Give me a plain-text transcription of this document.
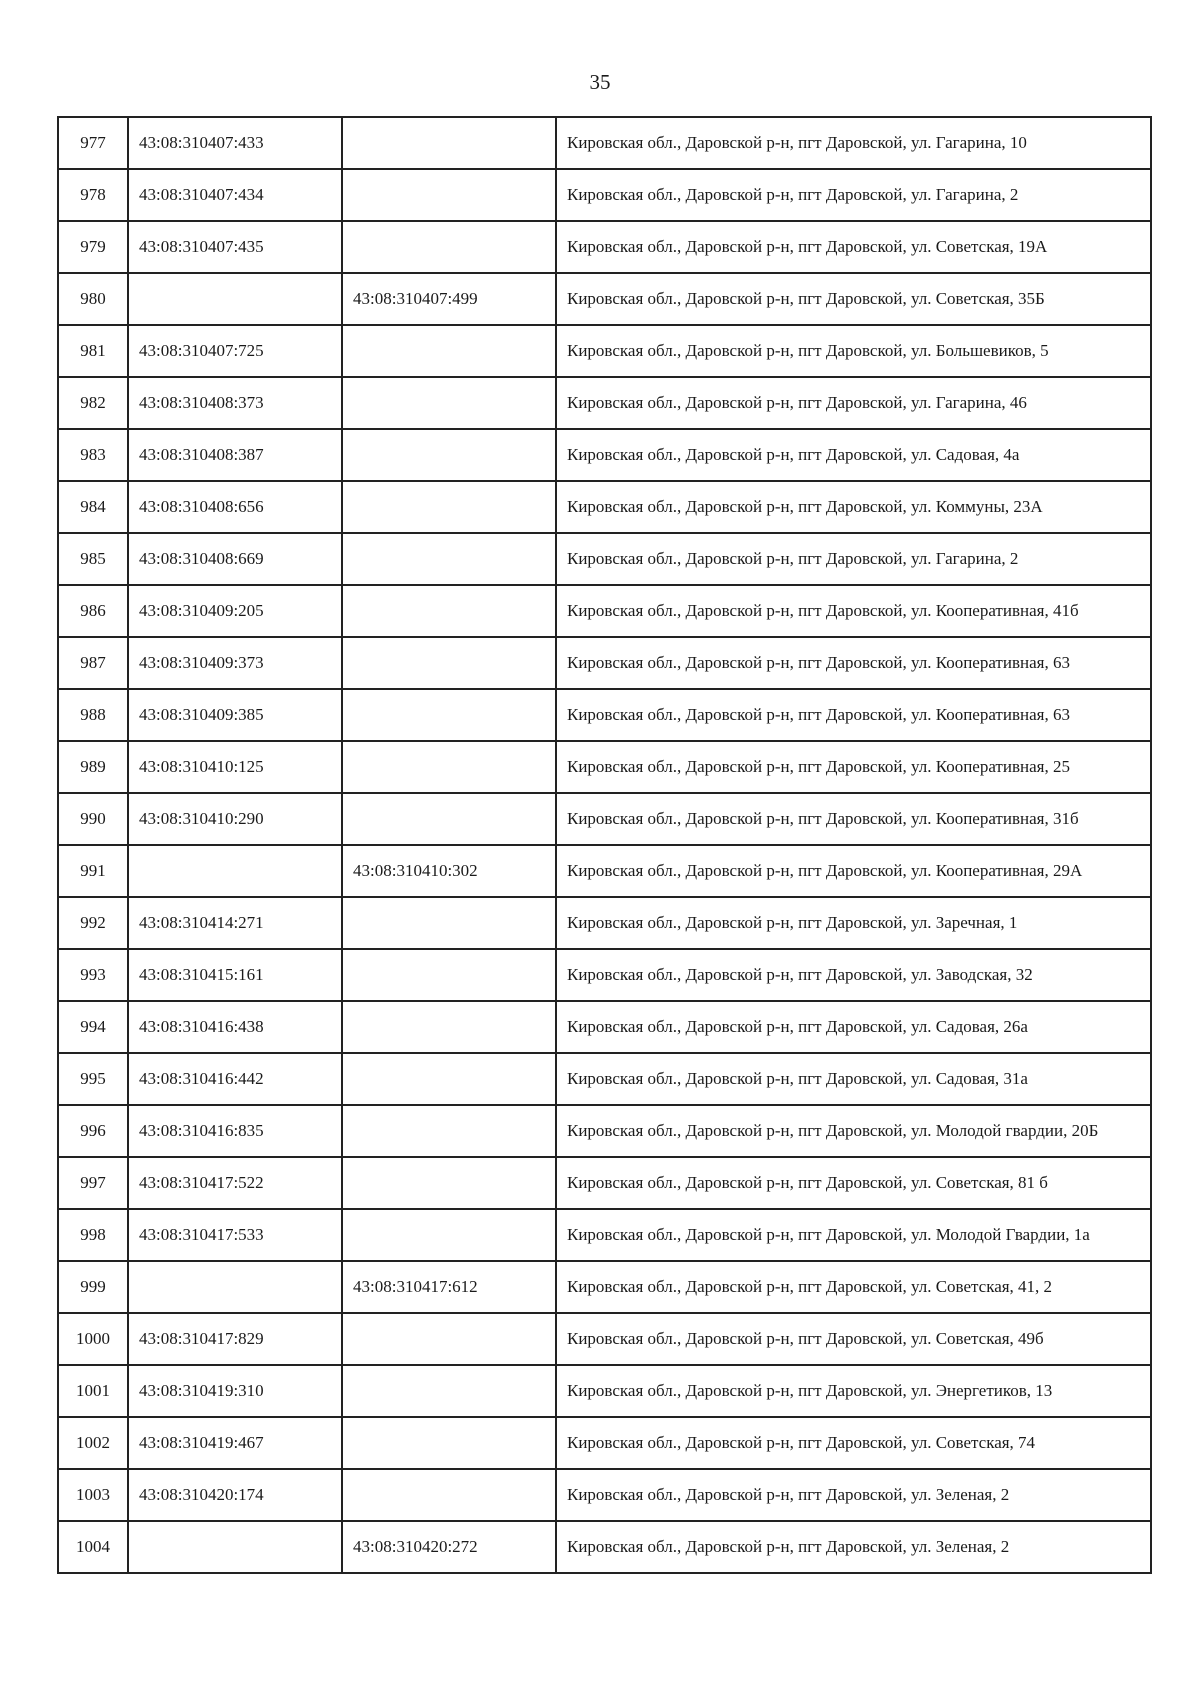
35
977	43:08:310407:433		Кировская обл., Даровской р-н, пгт Даровской, ул. Гагарина, 10
978	43:08:310407:434		Кировская обл., Даровской р-н, пгт Даровской, ул. Гагарина, 2
979	43:08:310407:435		Кировская обл., Даровской р-н, пгт Даровской, ул. Советская, 19А
980		43:08:310407:499	Кировская обл., Даровской р-н, пгт Даровской, ул. Советская, 35Б
981	43:08:310407:725		Кировская обл., Даровской р-н, пгт Даровской, ул. Большевиков, 5
982	43:08:310408:373		Кировская обл., Даровской р-н, пгт Даровской, ул. Гагарина, 46
983	43:08:310408:387		Кировская обл., Даровской р-н, пгт Даровской, ул. Садовая, 4а
984	43:08:310408:656		Кировская обл., Даровской р-н, пгт Даровской, ул. Коммуны, 23А
985	43:08:310408:669		Кировская обл., Даровской р-н, пгт Даровской, ул. Гагарина, 2
986	43:08:310409:205		Кировская обл., Даровской р-н, пгт Даровской, ул. Кооперативная, 41б
987	43:08:310409:373		Кировская обл., Даровской р-н, пгт Даровской, ул. Кооперативная, 63
988	43:08:310409:385		Кировская обл., Даровской р-н, пгт Даровской, ул. Кооперативная, 63
989	43:08:310410:125		Кировская обл., Даровской р-н, пгт Даровской, ул. Кооперативная, 25
990	43:08:310410:290		Кировская обл., Даровской р-н, пгт Даровской, ул. Кооперативная, 31б
991		43:08:310410:302	Кировская обл., Даровской р-н, пгт Даровской, ул. Кооперативная, 29А
992	43:08:310414:271		Кировская обл., Даровской р-н, пгт Даровской, ул. Заречная, 1
993	43:08:310415:161		Кировская обл., Даровской р-н, пгт Даровской, ул. Заводская, 32
994	43:08:310416:438		Кировская обл., Даровской р-н, пгт Даровской, ул. Садовая, 26а
995	43:08:310416:442		Кировская обл., Даровской р-н, пгт Даровской, ул. Садовая, 31а
996	43:08:310416:835		Кировская обл., Даровской р-н, пгт Даровской, ул. Молодой гвардии, 20Б
997	43:08:310417:522		Кировская обл., Даровской р-н, пгт Даровской, ул. Советская, 81 б
998	43:08:310417:533		Кировская обл., Даровской р-н, пгт Даровской, ул. Молодой Гвардии, 1а
999		43:08:310417:612	Кировская обл., Даровской р-н, пгт Даровской, ул. Советская, 41, 2
1000	43:08:310417:829		Кировская обл., Даровской р-н, пгт Даровской, ул. Советская, 49б
1001	43:08:310419:310		Кировская обл., Даровской р-н, пгт Даровской, ул. Энергетиков, 13
1002	43:08:310419:467		Кировская обл., Даровской р-н, пгт Даровской, ул. Советская, 74
1003	43:08:310420:174		Кировская обл., Даровской р-н, пгт Даровской, ул. Зеленая, 2
1004		43:08:310420:272	Кировская обл., Даровской р-н, пгт Даровской, ул. Зеленая, 2
